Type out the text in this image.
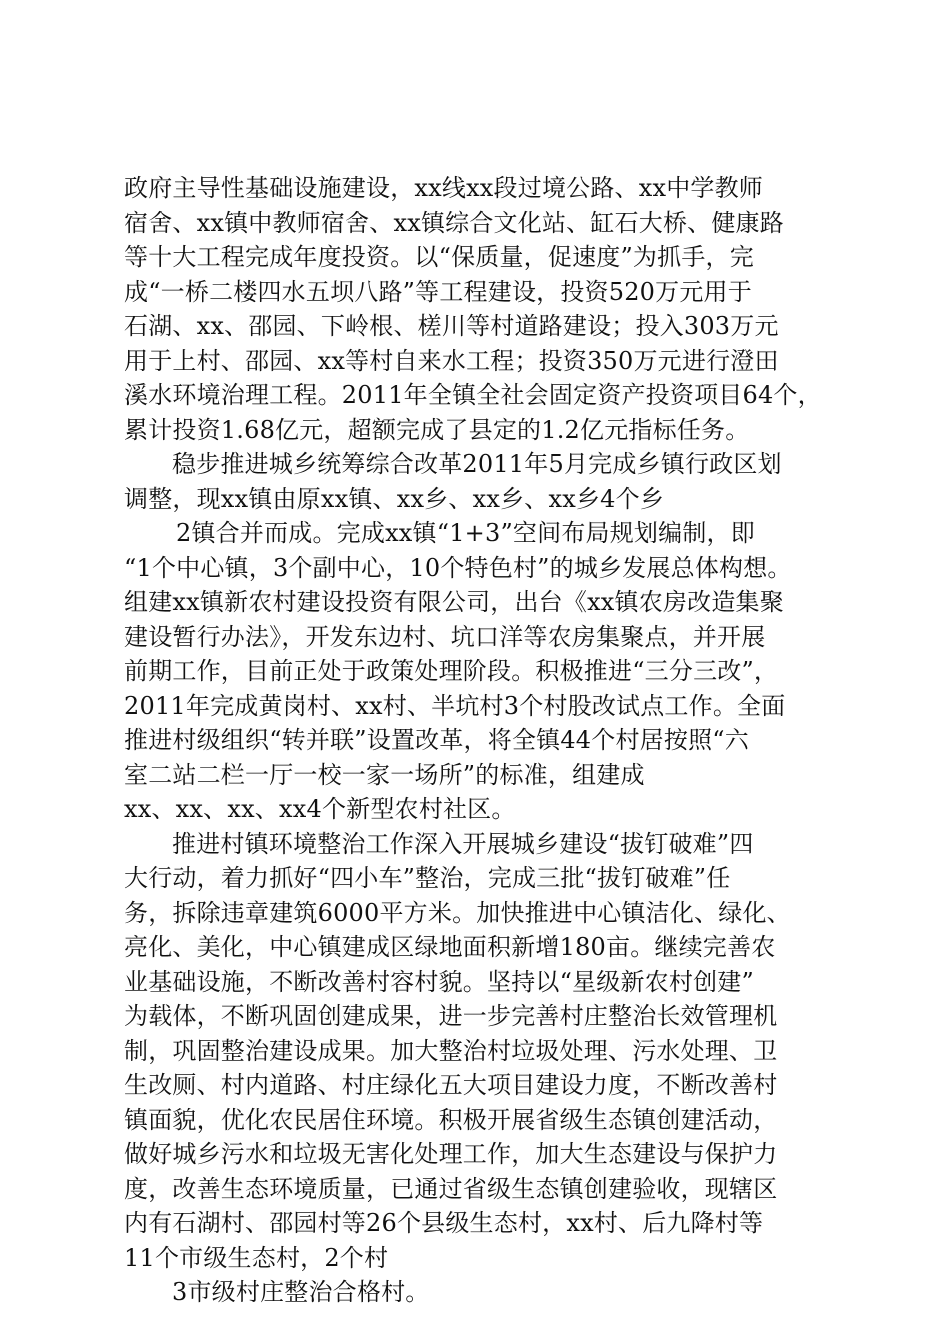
政府主导性基础设施建设，xx线xx段过境公路、xx中学教师
宿舍、xx镇中教师宿舍、xx镇综合文化站、缸石大桥、健康路
等十大工程完成年度投资。以“保质量，促速度”为抓手，完
成“一桥二楼四水五坝八路”等工程建设，投资520万元用于
石湖、xx、邵园、下岭根、槎川等村道路建设；投入303万元
用于上村、邵园、xx等村自来水工程；投资350万元进行澄田
溪水环境治理工程。2011年全镇全社会固定资产投资项目64个，
累计投资1.68亿元，超额完成了县定的1.2亿元指标任务。
稳步推进城乡统筹综合改革2011年5月完成乡镇行政区划
调整，现xx镇由原xx镇、xx乡、xx乡、xx乡4个乡
2镇合并而成。完成xx镇“1+3”空间布局规划编制，即
“1个中心镇，3个副中心，10个特色村”的城乡发展总体构想。
组建xx镇新农村建设投资有限公司，出台《xx镇农房改造集聚
建设暂行办法》，开发东边村、坑口洋等农房集聚点，并开展
前期工作，目前正处于政策处理阶段。积极推进“三分三改”，
2011年完成黄岗村、xx村、半坑村3个村股改试点工作。全面
推进村级组织“转并联”设置改革，将全镇44个村居按照“六
室二站二栏一厅一校一家一场所”的标准，组建成
xx、xx、xx、xx4个新型农村社区。
推进村镇环境整治工作深入开展城乡建设“拔钉破难”四
大行动，着力抓好“四小车”整治，完成三批“拔钉破难”任
务，拆除违章建筑6000平方米。加快推进中心镇洁化、绿化、
亮化、美化，中心镇建成区绿地面积新增180亩。继续完善农
业基础设施，不断改善村容村貌。坚持以“星级新农村创建”
为载体，不断巩固创建成果，进一步完善村庄整治长效管理机
制，巩固整治建设成果。加大整治村垃圾处理、污水处理、卫
生改厕、村内道路、村庄绿化五大项目建设力度，不断改善村
镇面貌，优化农民居住环境。积极开展省级生态镇创建活动，
做好城乡污水和垃圾无害化处理工作，加大生态建设与保护力
度，改善生态环境质量，已通过省级生态镇创建验收，现辖区
内有石湖村、邵园村等26个县级生态村，xx村、后九降村等
11个市级生态村，2个村
3市级村庄整治合格村。
